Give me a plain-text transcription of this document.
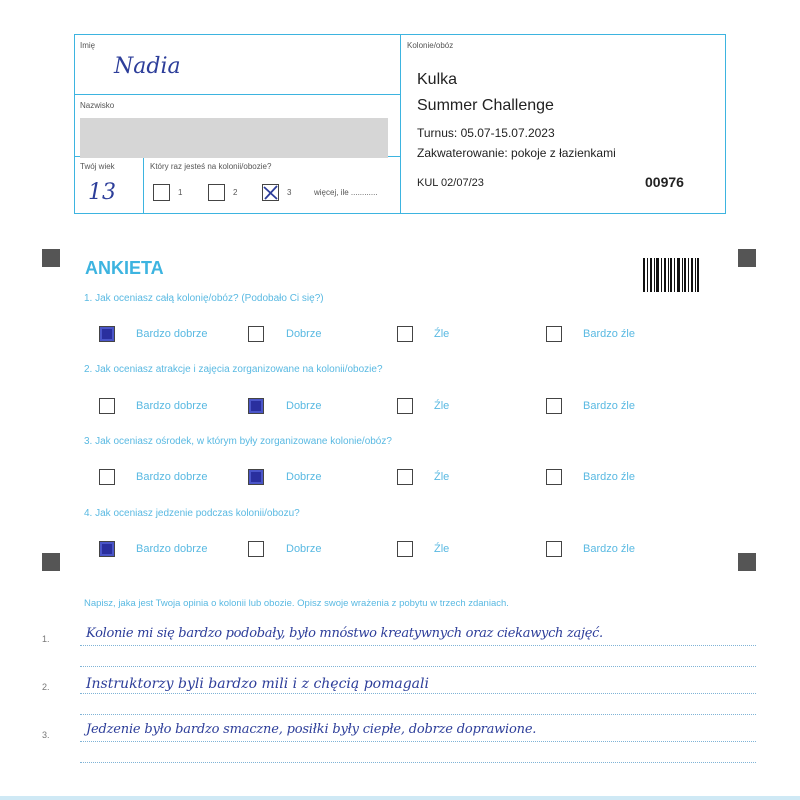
Imię
Nadia
Nazwisko
Twój wiek
13
Który raz jesteś na kolonii/obozie?
1	2	3	więcej, ile ............
Kolonie/obóz
Kulka
Summer Challenge
Turnus: 05.07-15.07.2023
Zakwaterowanie: pokoje z łazienkami
KUL 02/07/23	00976
ANKIETA
1. Jak oceniasz całą kolonię/obóz? (Podobało Ci się?)
Bardzo dobrze	Dobrze	Źle	Bardzo źle
2. Jak oceniasz atrakcje i zajęcia zorganizowane na kolonii/obozie?
Bardzo dobrze	Dobrze	Źle	Bardzo źle
3. Jak oceniasz ośrodek, w którym były zorganizowane kolonie/obóz?
Bardzo dobrze	Dobrze	Źle	Bardzo źle
4. Jak oceniasz jedzenie podczas kolonii/obozu?
Bardzo dobrze	Dobrze	Źle	Bardzo źle
Napisz, jaka jest Twoja opinia o kolonii lub obozie. Opisz swoje wrażenia z pobytu w trzech zdaniach.
1.	Kolonie mi się bardzo podobały, było mnóstwo kreatywnych oraz ciekawych zajęć.
2.	Instruktorzy byli bardzo mili i z chęcią pomagali
3.	Jedzenie było bardzo smaczne, posiłki były ciepłe, dobrze doprawione.
